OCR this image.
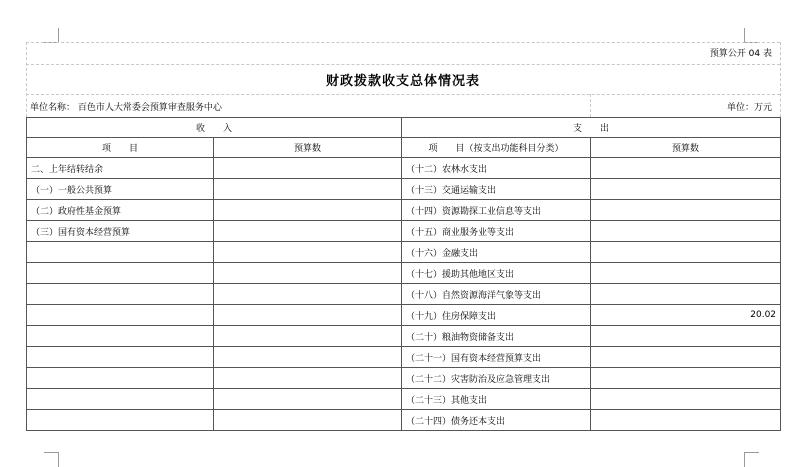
预算公开 04 表
财政拨款收支总体情况表
单位名称： 百色市人大常委会预算审查服务中心	单位：万元
收　　入		支　　出	
项　　目	预算数	项　　目（按支出功能科目分类）	预算数
二、上年结转结余		（十二）农林水支出	
（一）一般公共预算		（十三）交通运输支出	
（二）政府性基金预算		（十四）资源勘探工业信息等支出	
（三）国有资本经营预算		（十五）商业服务业等支出	
		（十六）金融支出	
		（十七）援助其他地区支出	
		（十八）自然资源海洋气象等支出	
		（十九）住房保障支出	20.02
		（二十）粮油物资储备支出	
		（二十一）国有资本经营预算支出	
		（二十二）灾害防治及应急管理支出	
		（二十三）其他支出	
		（二十四）债务还本支出	
